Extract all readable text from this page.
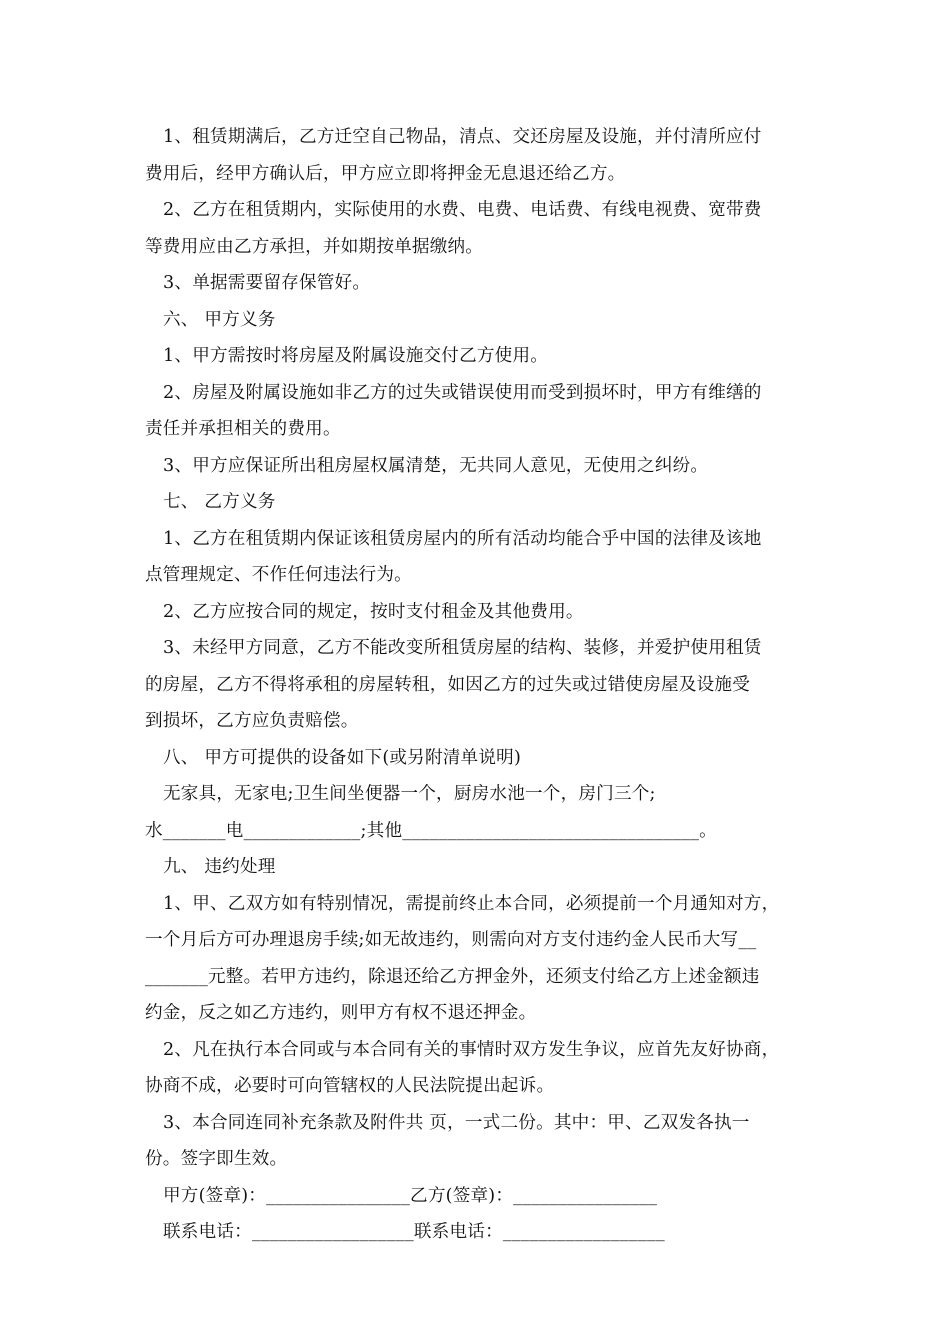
1、租赁期满后，乙方迁空自己物品，清点、交还房屋及设施，并付清所应付
费用后，经甲方确认后，甲方应立即将押金无息退还给乙方。
2、乙方在租赁期内，实际使用的水费、电费、电话费、有线电视费、宽带费
等费用应由乙方承担，并如期按单据缴纳。
3、单据需要留存保管好。
六、 甲方义务
1、甲方需按时将房屋及附属设施交付乙方使用。
2、房屋及附属设施如非乙方的过失或错误使用而受到损坏时，甲方有维缮的
责任并承担相关的费用。
3、甲方应保证所出租房屋权属清楚，无共同人意见，无使用之纠纷。
七、 乙方义务
1、乙方在租赁期内保证该租赁房屋内的所有活动均能合乎中国的法律及该地
点管理规定、不作任何违法行为。
2、乙方应按合同的规定，按时支付租金及其他费用。
3、未经甲方同意，乙方不能改变所租赁房屋的结构、装修，并爱护使用租赁
的房屋，乙方不得将承租的房屋转租，如因乙方的过失或过错使房屋及设施受
到损坏，乙方应负责赔偿。
八、 甲方可提供的设备如下(或另附清单说明)
无家具，无家电;卫生间坐便器一个，厨房水池一个，房门三个;
水_______电_____________;其他_________________________________。
九、 违约处理
1、甲、乙双方如有特别情况，需提前终止本合同，必须提前一个月通知对方，
一个月后方可办理退房手续;如无故违约，则需向对方支付违约金人民币大写__
_______元整。若甲方违约，除退还给乙方押金外，还须支付给乙方上述金额违
约金，反之如乙方违约，则甲方有权不退还押金。
2、凡在执行本合同或与本合同有关的事情时双方发生争议，应首先友好协商，
协商不成，必要时可向管辖权的人民法院提出起诉。
3、本合同连同补充条款及附件共 页，一式二份。其中：甲、乙双发各执一
份。签字即生效。
甲方(签章)：________________乙方(签章)：________________
联系电话：__________________联系电话：__________________
